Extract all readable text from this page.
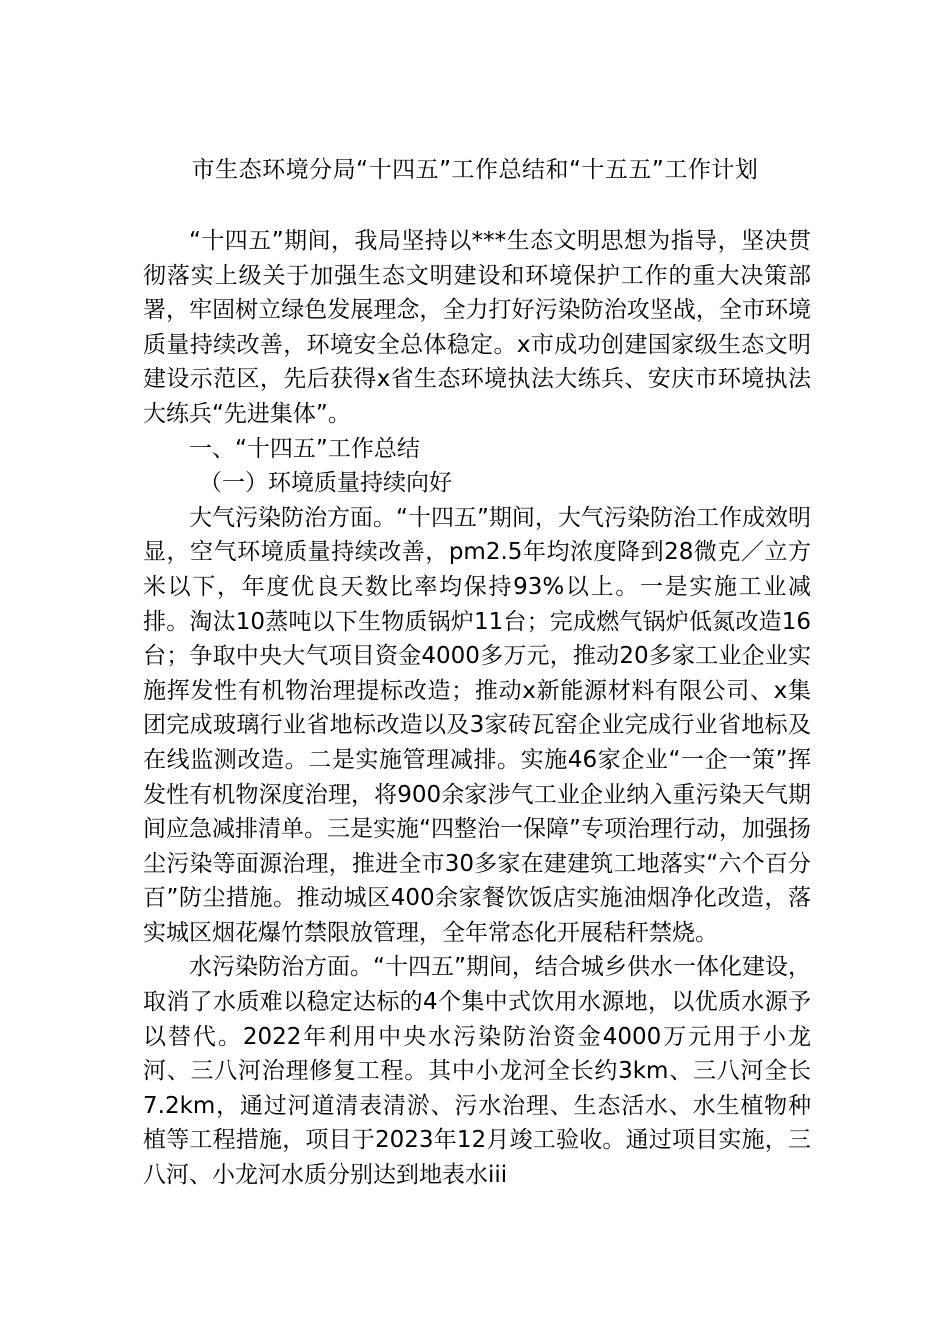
市生态环境分局“十四五”工作总结和“十五五”工作计划

“十四五”期间，我局坚持以***生态文明思想为指导，坚决贯彻落实上级关于加强生态文明建设和环境保护工作的重大决策部署，牢固树立绿色发展理念，全力打好污染防治攻坚战，全市环境质量持续改善，环境安全总体稳定。x市成功创建国家级生态文明建设示范区，先后获得x省生态环境执法大练兵、安庆市环境执法大练兵“先进集体”。

一、“十四五”工作总结

（一）环境质量持续向好

大气污染防治方面。“十四五”期间，大气污染防治工作成效明显，空气环境质量持续改善，pm2.5年均浓度降到28微克／立方米以下，年度优良天数比率均保持93%以上。一是实施工业减排。淘汰10蒸吨以下生物质锅炉11台；完成燃气锅炉低氮改造16台；争取中央大气项目资金4000多万元，推动20多家工业企业实施挥发性有机物治理提标改造；推动x新能源材料有限公司、x集团完成玻璃行业省地标改造以及3家砖瓦窑企业完成行业省地标及在线监测改造。二是实施管理减排。实施46家企业“一企一策”挥发性有机物深度治理，将900余家涉气工业企业纳入重污染天气期间应急减排清单。三是实施“四整治一保障”专项治理行动，加强扬尘污染等面源治理，推进全市30多家在建建筑工地落实“六个百分百”防尘措施。推动城区400余家餐饮饭店实施油烟净化改造，落实城区烟花爆竹禁限放管理，全年常态化开展秸秆禁烧。

水污染防治方面。“十四五”期间，结合城乡供水一体化建设，取消了水质难以稳定达标的4个集中式饮用水源地，以优质水源予以替代。2022年利用中央水污染防治资金4000万元用于小龙河、三八河治理修复工程。其中小龙河全长约3km、三八河全长7.2km，通过河道清表清淤、污水治理、生态活水、水生植物种植等工程措施，项目于2023年12月竣工验收。通过项目实施，三八河、小龙河水质分别达到地表水iii
